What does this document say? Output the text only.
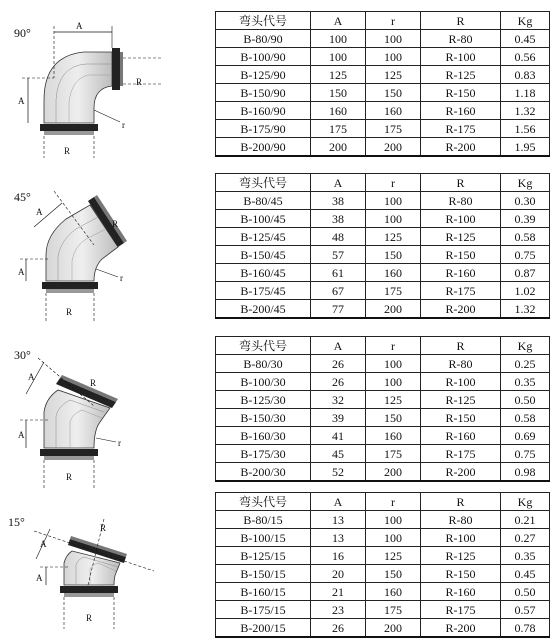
90°	A
A
R
r
R
弯头代号	A	r	R	Kg
B-80/90	100	100	R-80	0.45
B-100/90	100	100	R-100	0.56
B-125/90	125	125	R-125	0.83
B-150/90	150	150	R-150	1.18
B-160/90	160	160	R-160	1.32
B-175/90	175	175	R-175	1.56
B-200/90	200	200	R-200	1.95
45°
A
A
R
r
R
弯头代号	A	r	R	Kg
B-80/45	38	100	R-80	0.30
B-100/45	38	100	R-100	0.39
B-125/45	48	125	R-125	0.58
B-150/45	57	150	R-150	0.75
B-160/45	61	160	R-160	0.87
B-175/45	67	175	R-175	1.02
B-200/45	77	200	R-200	1.32
30°
A
A
R
r
R
弯头代号	A	r	R	Kg
B-80/30	26	100	R-80	0.25
B-100/30	26	100	R-100	0.35
B-125/30	32	125	R-125	0.50
B-150/30	39	150	R-150	0.58
B-160/30	41	160	R-160	0.69
B-175/30	45	175	R-175	0.75
B-200/30	52	200	R-200	0.98
15°
A
A
R
R
弯头代号	A	r	R	Kg
B-80/15	13	100	R-80	0.21
B-100/15	13	100	R-100	0.27
B-125/15	16	125	R-125	0.35
B-150/15	20	150	R-150	0.45
B-160/15	21	160	R-160	0.50
B-175/15	23	175	R-175	0.57
B-200/15	26	200	R-200	0.78
